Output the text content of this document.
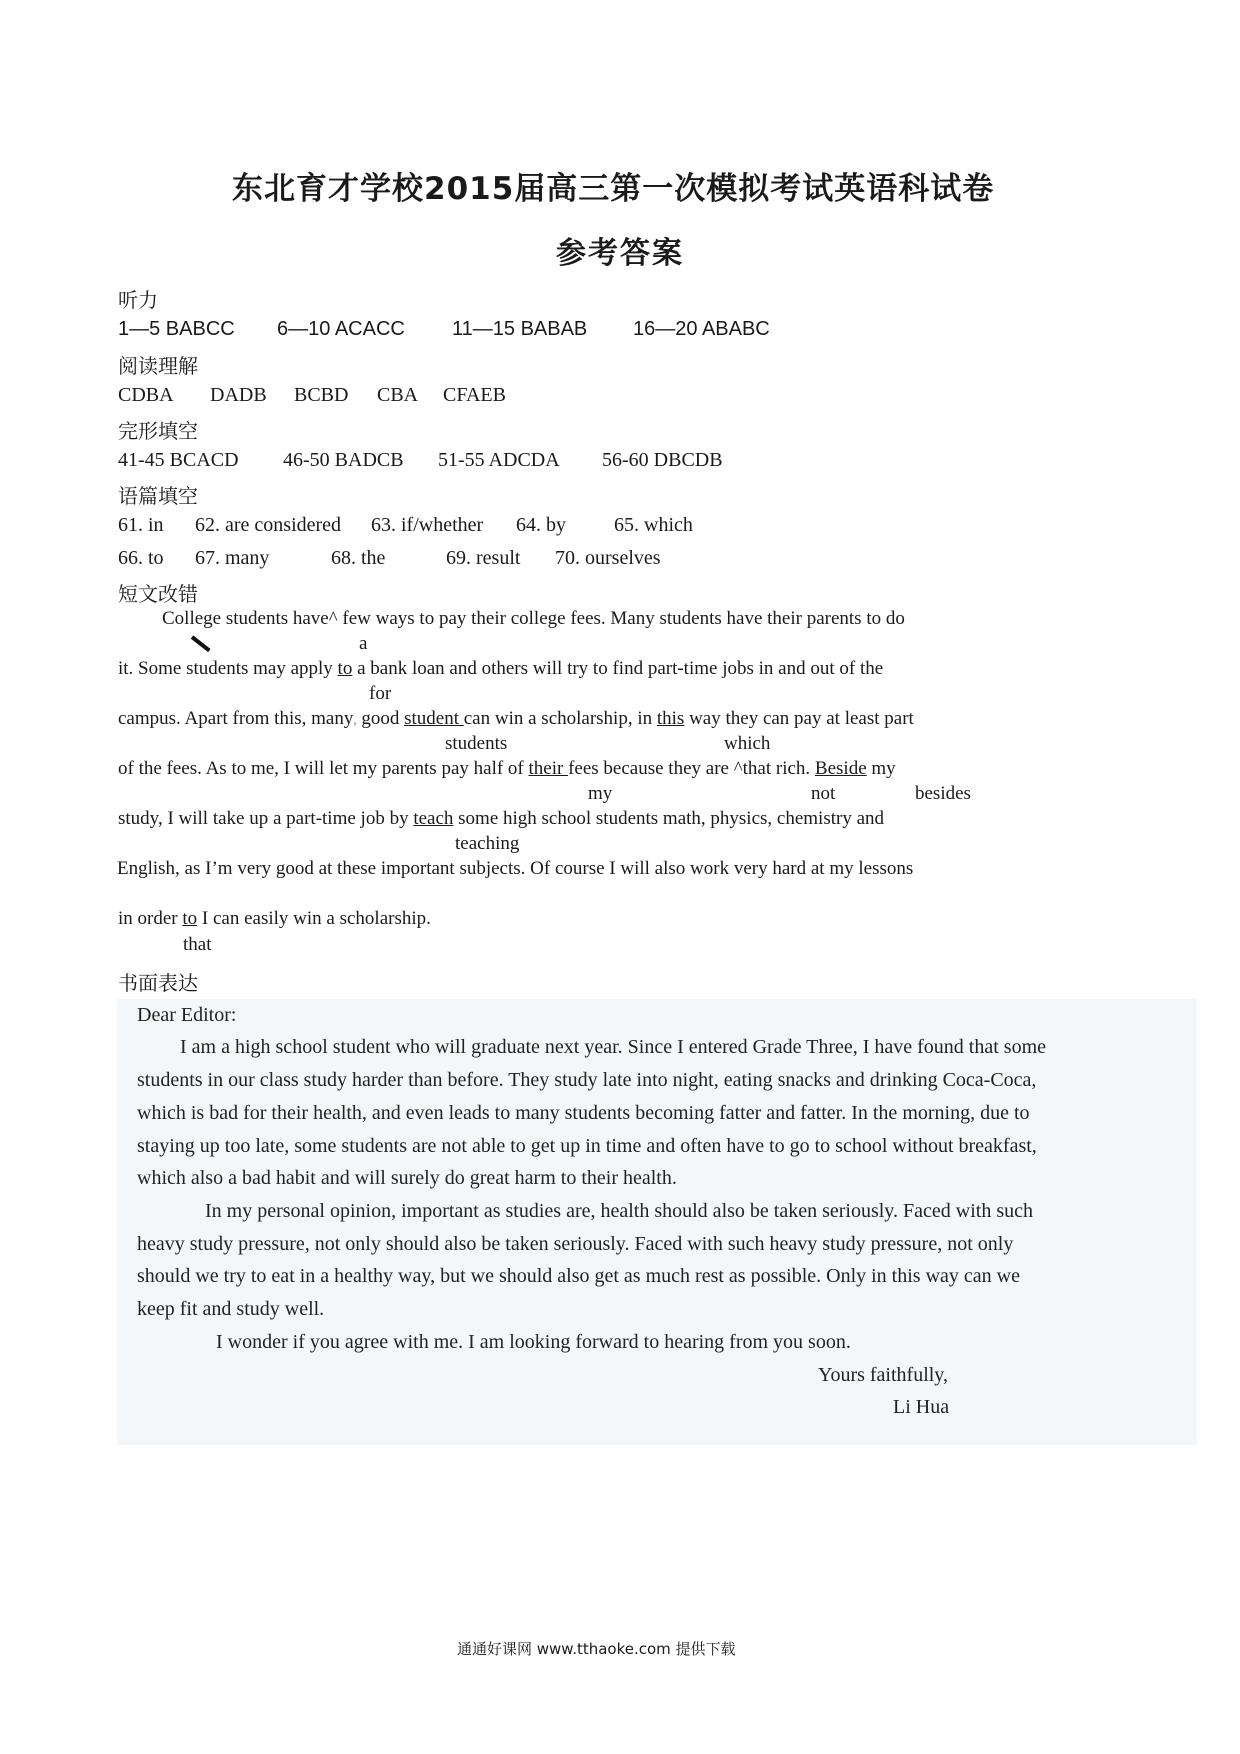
东北育才学校2015届高三第一次模拟考试英语科试卷
参考答案
听力
1—5 BABCC 6—10 ACACC 11—15 BABAB 16—20 ABABC
阅读理解
CDBA DADB BCBD CBA CFAEB
完形填空
41-45 BCACD 46-50 BADCB 51-55 ADCDA 56-60 DBCDB
语篇填空
61. in 62. are considered 63. if/whether 64. by 65. which
66. to 67. many	68. the	69. result 70. ourselves
短文改错
College students have^ few ways to pay their college fees. Many students have their parents to do
a
it. Some students may apply to a bank loan and others will try to find part-time jobs in and out of the
for
campus. Apart from this, many, good student can win a scholarship, in this way they can pay at least part
students	which
of the fees. As to me, I will let my parents pay half of their fees because they are ^that rich. Beside my
my	not	besides
study, I will take up a part-time job by teach some high school students math, physics, chemistry and
teaching
English, as I’m very good at these important subjects. Of course I will also work very hard at my lessons
in order to I can easily win a scholarship.
that
书面表达
Dear Editor:
I am a high school student who will graduate next year. Since I entered Grade Three, I have found that some
students in our class study harder than before. They study late into night, eating snacks and drinking Coca-Coca,
which is bad for their health, and even leads to many students becoming fatter and fatter. In the morning, due to
staying up too late, some students are not able to get up in time and often have to go to school without breakfast,
which also a bad habit and will surely do great harm to their health.
In my personal opinion, important as studies are, health should also be taken seriously. Faced with such
heavy study pressure, not only should also be taken seriously. Faced with such heavy study pressure, not only
should we try to eat in a healthy way, but we should also get as much rest as possible. Only in this way can we
keep fit and study well.
I wonder if you agree with me. I am looking forward to hearing from you soon.
Yours faithfully,
Li Hua
通通好课网 www.tthaoke.com 提供下载
